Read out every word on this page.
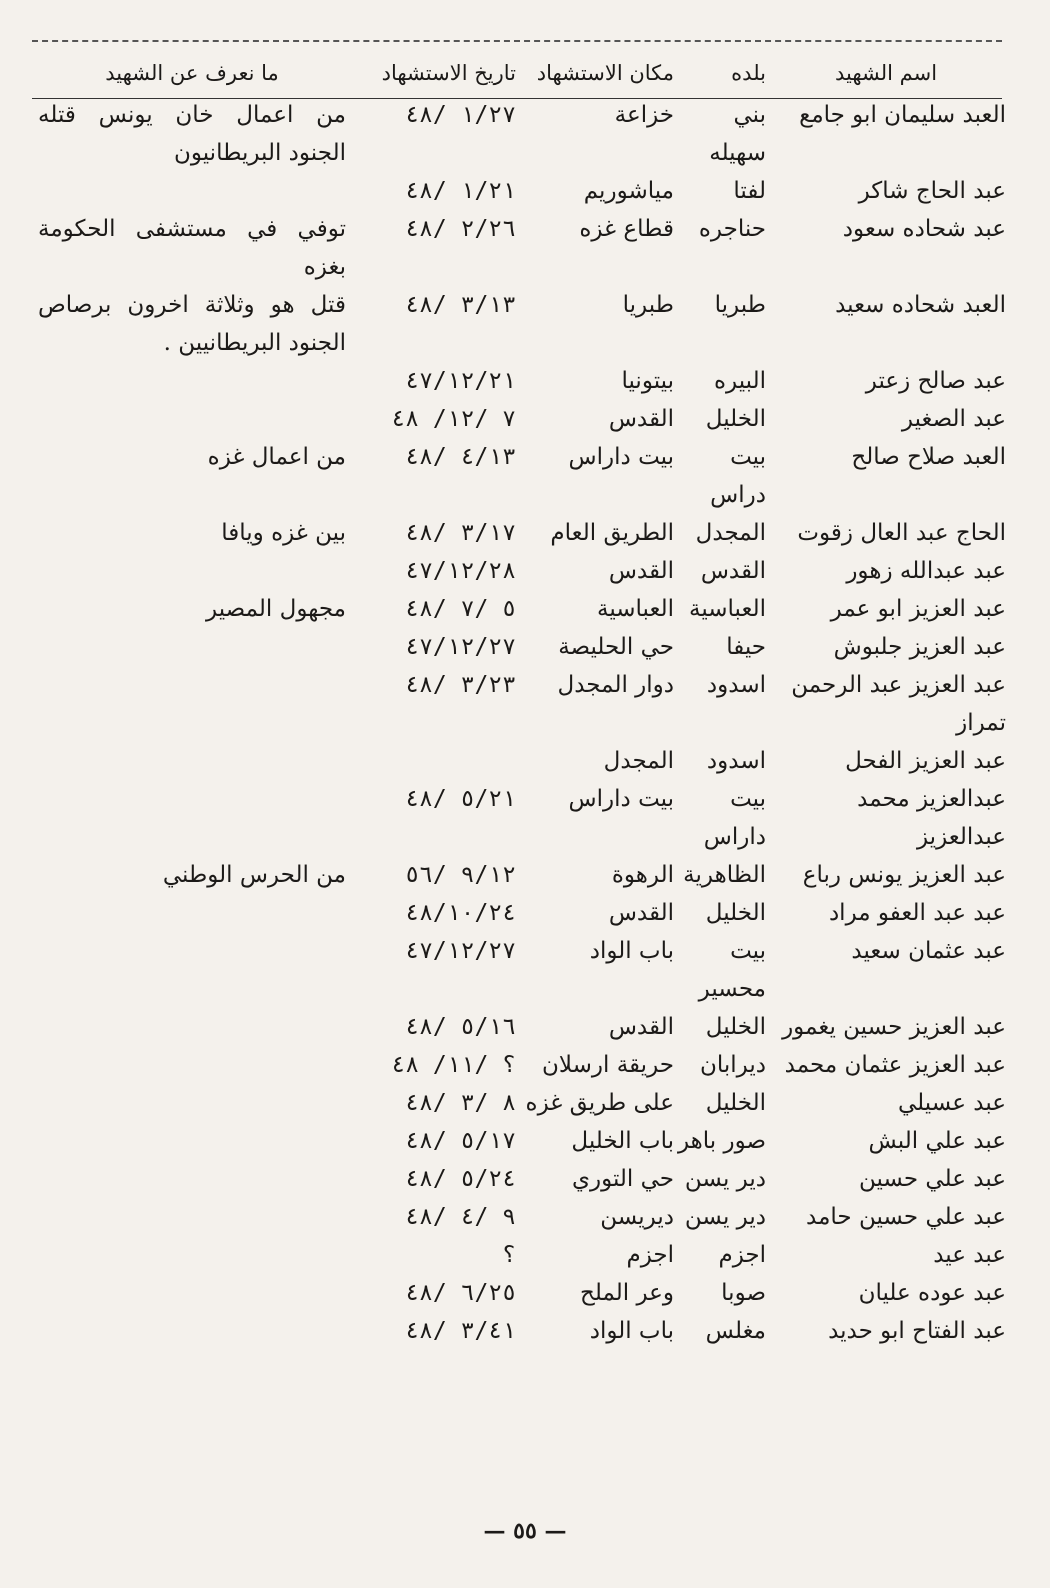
اسم الشهيد	بلده	مكان الاستشهاد	تاريخ الاستشهاد	ما نعرف عن الشهيد
العبد سليمان ابو جامع	بني سهيله	خزاعة	١/٢٧ /٤٨	من اعمال خان يونس قتله الجنود البريطانيون
عبد الحاج شاكر	لفتا	مياشوريم	١/٢١ /٤٨	
عبد شحاده سعود	حناجره	قطاع غزه	٢/٢٦ /٤٨	توفي في مستشفى الحكومة بغزه
العبد شحاده سعيد	طبريا	طبريا	٣/١٣ /٤٨	قتل هو وثلاثة اخرون برصاص الجنود البريطانيين .
عبد صالح زعتر	البيره	بيتونيا	٤٧/١٢/٢١	
عبد الصغير	الخليل	القدس	٧ /١٢/ ٤٨	
العبد صلاح صالح	بيت دراس	بيت داراس	٤/١٣ /٤٨	من اعمال غزه
الحاج عبد العال زقوت	المجدل	الطريق العام	٣/١٧ /٤٨	بين غزه ويافا
عبد عبدالله زهور	القدس	القدس	٤٧/١٢/٢٨	
عبد العزيز ابو عمر	العباسية	العباسية	٥ /٧ /٤٨	مجهول المصير
عبد العزيز جلبوش	حيفا	حي الحليصة	٤٧/١٢/٢٧	
عبد العزيز عبد الرحمن تمراز	اسدود	دوار المجدل	٣/٢٣ /٤٨	
عبد العزيز الفحل	اسدود	المجدل		
عبدالعزيز محمد عبدالعزيز	بيت داراس	بيت داراس	٥/٢١ /٤٨	
عبد العزيز يونس رباع	الظاهرية	الرهوة	٩/١٢ /٥٦	من الحرس الوطني
عبد عبد العفو مراد	الخليل	القدس	٤٨/١٠/٢٤	
عبد عثمان سعيد	بيت محسير	باب الواد	٤٧/١٢/٢٧	
عبد العزيز حسين يغمور	الخليل	القدس	٥/١٦ /٤٨	
عبد العزيز عثمان محمد	ديرابان	حريقة ارسلان	؟ /١١/ ٤٨	
عبد عسيلي	الخليل	على طريق غزه	٨ /٣ /٤٨	
عبد علي البش	صور باهر	باب الخليل	٥/١٧ /٤٨	
عبد علي حسين	دير يسن	حي التوري	٥/٢٤ /٤٨	
عبد علي حسين حامد	دير يسن	ديريسن	٩ /٤ /٤٨	
عبد عيد	اجزم	اجزم	؟	
عبد عوده عليان	صوبا	وعر الملح	٦/٢٥ /٤٨	
عبد الفتاح ابو حديد	مغلس	باب الواد	٣/٤١ /٤٨	
— ٥٥ —
